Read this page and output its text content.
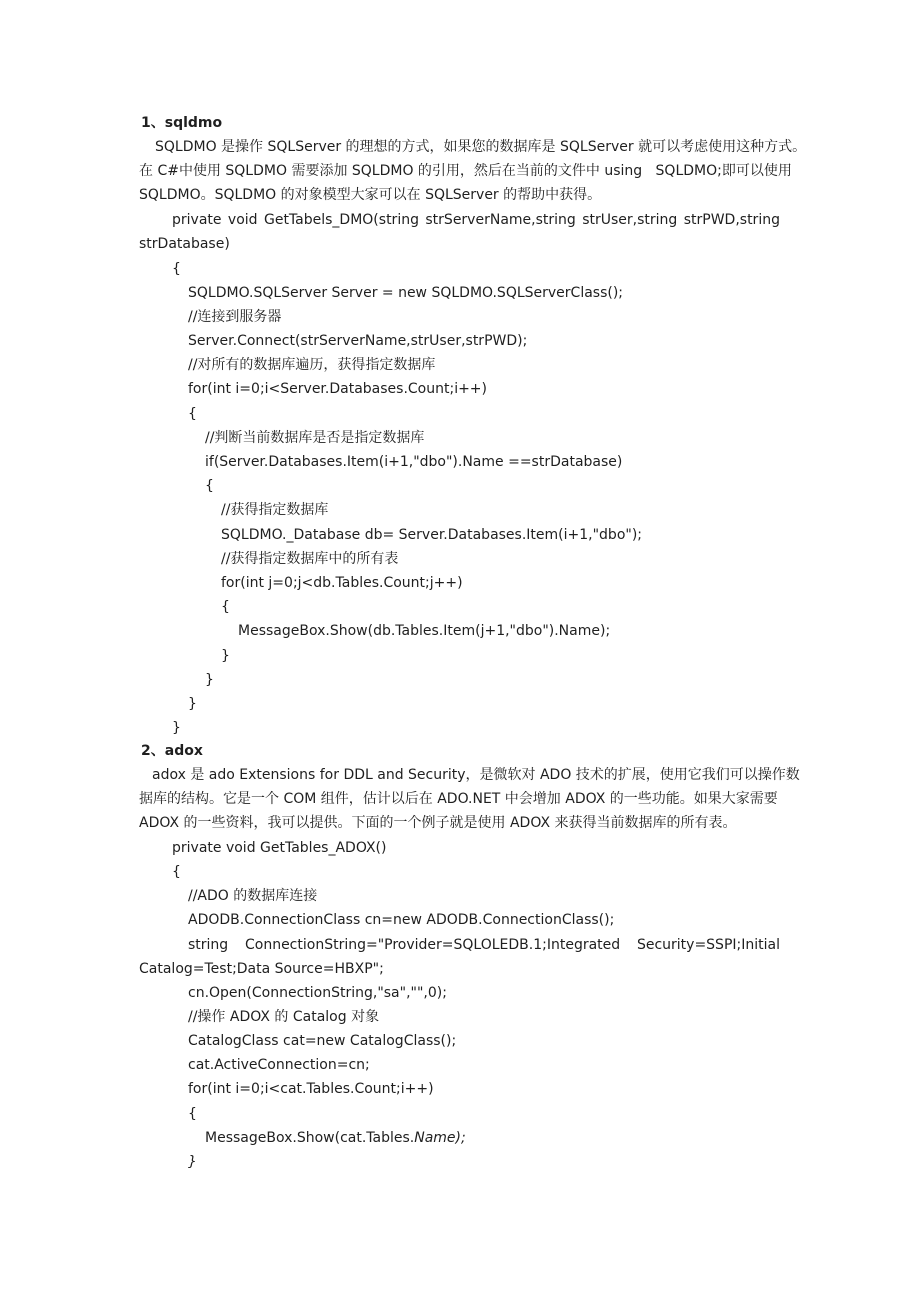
1、sqldmo
SQLDMO 是操作 SQLServer 的理想的方式，如果您的数据库是 SQLServer 就可以考虑使用这种方式。
在 C#中使用 SQLDMO 需要添加 SQLDMO 的引用，然后在当前的文件中 using   SQLDMO;即可以使用
SQLDMO。SQLDMO 的对象模型大家可以在 SQLServer 的帮助中获得。
private void GetTabels_DMO(string strServerName,string strUser,string strPWD,string
strDatabase)
{
SQLDMO.SQLServer Server = new SQLDMO.SQLServerClass();
//连接到服务器
Server.Connect(strServerName,strUser,strPWD);
//对所有的数据库遍历，获得指定数据库
for(int i=0;i<Server.Databases.Count;i++)
{
//判断当前数据库是否是指定数据库
if(Server.Databases.Item(i+1,"dbo").Name ==strDatabase)
{
//获得指定数据库
SQLDMO._Database db= Server.Databases.Item(i+1,"dbo");
//获得指定数据库中的所有表
for(int j=0;j<db.Tables.Count;j++)
{
MessageBox.Show(db.Tables.Item(j+1,"dbo").Name);
}
}
}
}
2、adox
adox 是 ado Extensions for DDL and Security，是微软对 ADO 技术的扩展，使用它我们可以操作数
据库的结构。它是一个 COM 组件，估计以后在 ADO.NET 中会增加 ADOX 的一些功能。如果大家需要
ADOX 的一些资料，我可以提供。下面的一个例子就是使用 ADOX 来获得当前数据库的所有表。
private void GetTables_ADOX()
{
//ADO 的数据库连接
ADODB.ConnectionClass cn=new ADODB.ConnectionClass();
string ConnectionString="Provider=SQLOLEDB.1;Integrated Security=SSPI;Initial
Catalog=Test;Data Source=HBXP";
cn.Open(ConnectionString,"sa","",0);
//操作 ADOX 的 Catalog 对象
CatalogClass cat=new CatalogClass();
cat.ActiveConnection=cn;
for(int i=0;i<cat.Tables.Count;i++)
{
MessageBox.Show(cat.Tables.Name);
}
